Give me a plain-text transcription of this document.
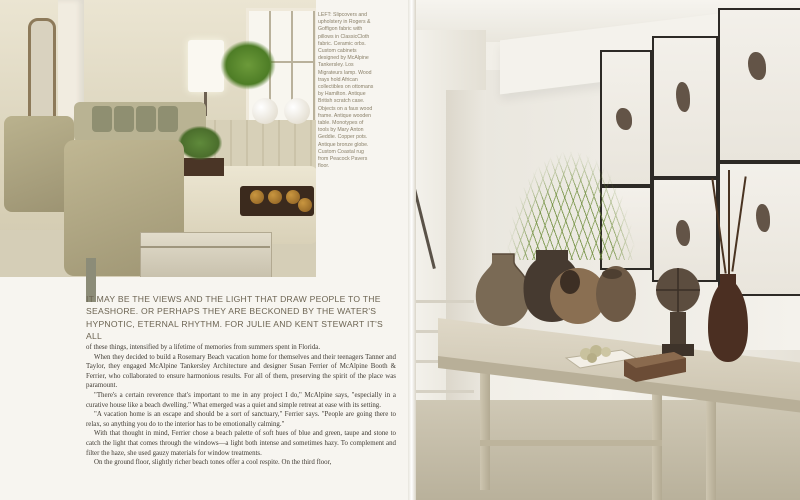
LEFT: Slipcovers and upholstery in Rogers & Goffigon fabric with pillows in ClassicCloth fabric. Ceramic orbs. Custom cabinets designed by McAlpine Tankersley. Los Migrateurs lamp. Wood trays hold African collectibles on ottomans by Hamilton. Antique British scratch case. Objects on a faux wood frame. Antique wooden table. Monotypes of tools by Mary Anton Geddie. Copper pots. Antique bronze globe. Custom Coastal rug from Peacock Pavers floor.
IT MAY BE THE VIEWS AND THE LIGHT THAT DRAW PEOPLE TO THE SEASHORE. OR PERHAPS THEY ARE BECKONED BY THE WATER'S HYPNOTIC, ETERNAL RHYTHM. FOR JULIE AND KENT STEWART IT'S ALL

of these things, intensified by a lifetime of memories from summers spent in Florida.

When they decided to build a Rosemary Beach vacation home for themselves and their teenagers Tanner and Taylor, they engaged McAlpine Tankersley Architecture and designer Susan Ferrier of McAlpine Booth & Ferrier, who collaborated to ensure harmonious results. For all of them, preserving the spirit of the place was paramount.

"There's a certain reverence that's important to me in any project I do," McAlpine says, "especially in a curative house like a beach dwelling." What emerged was a quiet and simple retreat at ease with its setting.

"A vacation home is an escape and should be a sort of sanctuary," Ferrier says. "People are going there to relax, so anything you do to the interior has to be emotionally calming."

With that thought in mind, Ferrier chose a beach palette of soft hues of blue and green, taupe and stone to catch the light that comes through the windows—a light both intense and sometimes hazy. To complement and filter the haze, she used gauzy materials for window treatments.

On the ground floor, slightly richer beach tones offer a cool respite. On the third floor,
